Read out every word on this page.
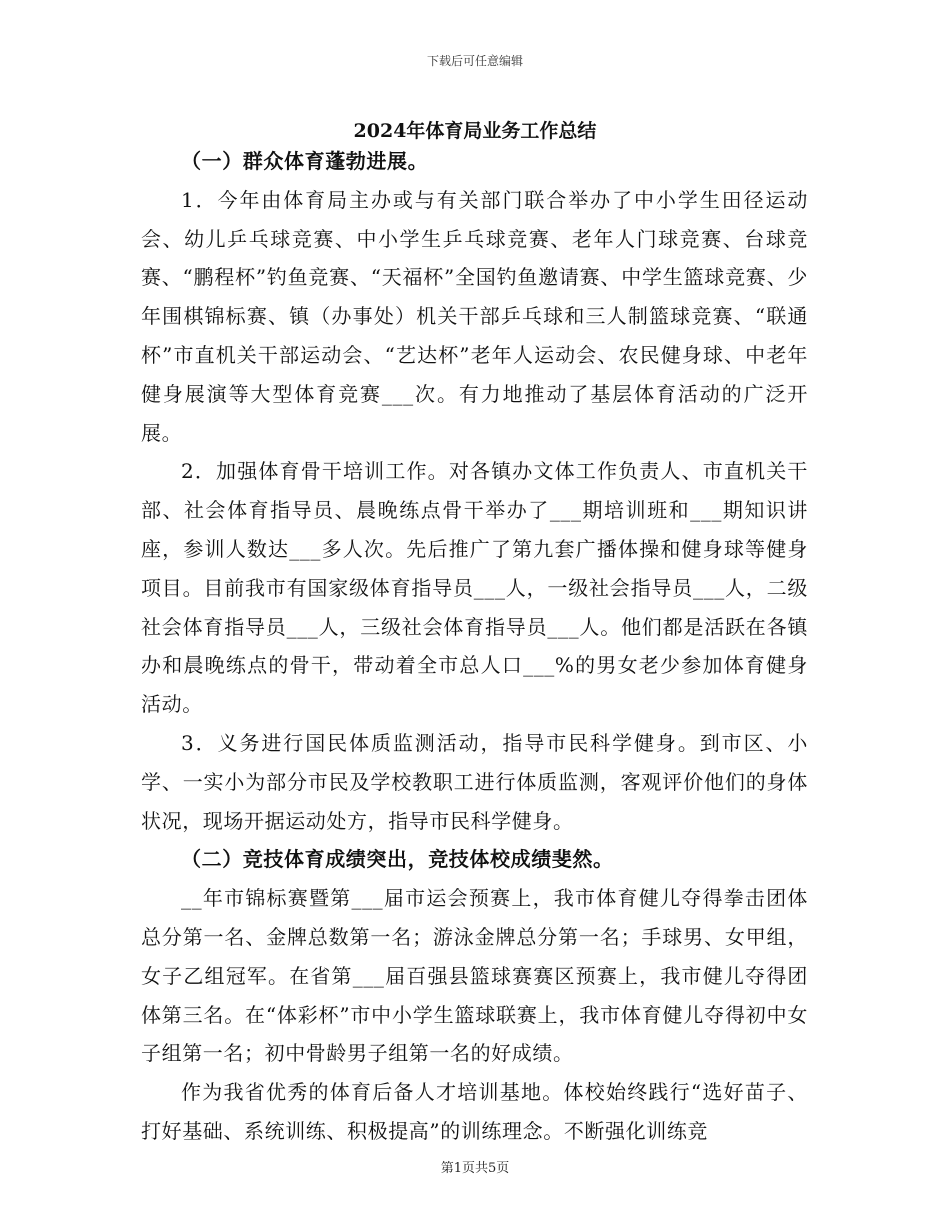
下载后可任意编辑
2024年体育局业务工作总结

（一）群众体育蓬勃进展。

1．今年由体育局主办或与有关部门联合举办了中小学生田径运动会、幼儿乒乓球竞赛、中小学生乒乓球竞赛、老年人门球竞赛、台球竞赛、“鹏程杯”钓鱼竞赛、“天福杯”全国钓鱼邀请赛、中学生篮球竞赛、少年围棋锦标赛、镇（办事处）机关干部乒乓球和三人制篮球竞赛、“联通杯”市直机关干部运动会、“艺达杯”老年人运动会、农民健身球、中老年健身展演等大型体育竞赛___次。有力地推动了基层体育活动的广泛开展。

2．加强体育骨干培训工作。对各镇办文体工作负责人、市直机关干部、社会体育指导员、晨晚练点骨干举办了___期培训班和___期知识讲座，参训人数达___多人次。先后推广了第九套广播体操和健身球等健身项目。目前我市有国家级体育指导员___人，一级社会指导员___人，二级社会体育指导员___人，三级社会体育指导员___人。他们都是活跃在各镇办和晨晚练点的骨干，带动着全市总人口___%的男女老少参加体育健身活动。

3．义务进行国民体质监测活动，指导市民科学健身。到市区、小学、一实小为部分市民及学校教职工进行体质监测，客观评价他们的身体状况，现场开据运动处方，指导市民科学健身。

（二）竞技体育成绩突出，竞技体校成绩斐然。

__年市锦标赛暨第___届市运会预赛上，我市体育健儿夺得拳击团体总分第一名、金牌总数第一名；游泳金牌总分第一名；手球男、女甲组，女子乙组冠军。在省第___届百强县篮球赛赛区预赛上，我市健儿夺得团体第三名。在“体彩杯”市中小学生篮球联赛上，我市体育健儿夺得初中女子组第一名；初中骨龄男子组第一名的好成绩。

作为我省优秀的体育后备人才培训基地。体校始终践行“选好苗子、打好基础、系统训练、积极提高”的训练理念。不断强化训练竞

第1页共5页
